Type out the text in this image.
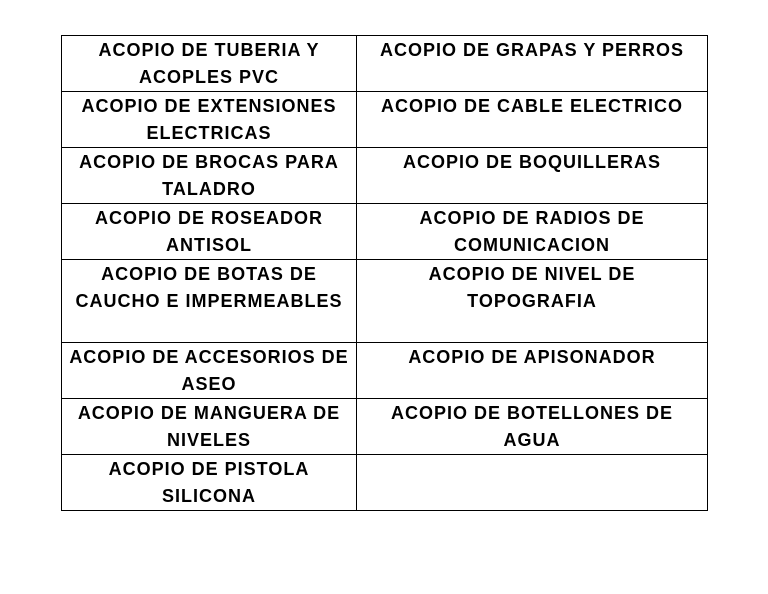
ACOPIO DE TUBERIA Y ACOPLES PVC	ACOPIO DE GRAPAS Y PERROS
ACOPIO DE EXTENSIONES ELECTRICAS	ACOPIO DE CABLE ELECTRICO
ACOPIO DE BROCAS PARA TALADRO	ACOPIO DE BOQUILLERAS
ACOPIO DE ROSEADOR ANTISOL	ACOPIO DE RADIOS DE COMUNICACION
ACOPIO DE BOTAS DE CAUCHO E IMPERMEABLES	ACOPIO DE NIVEL DE TOPOGRAFIA
ACOPIO DE ACCESORIOS DE ASEO	ACOPIO DE APISONADOR
ACOPIO DE MANGUERA DE NIVELES	ACOPIO DE BOTELLONES DE AGUA
ACOPIO DE PISTOLA SILICONA	
